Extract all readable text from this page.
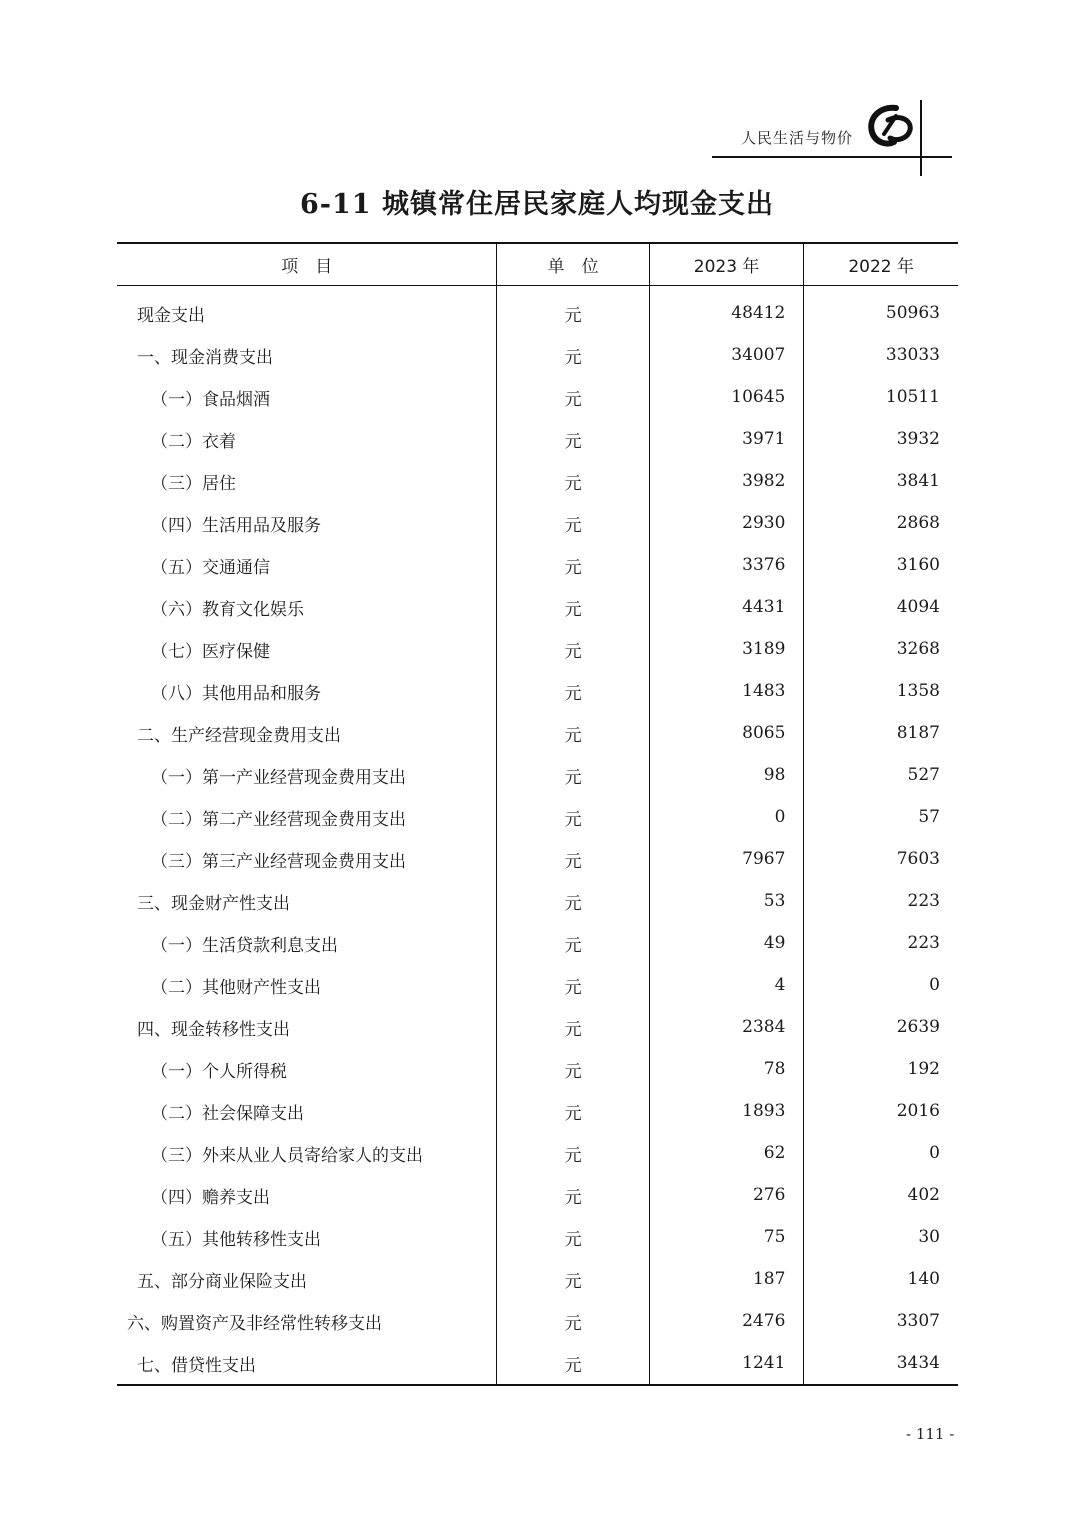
人民生活与物价
6-11 城镇常住居民家庭人均现金支出
项　目	单　位	2023 年	2022 年
现金支出	元	48412	50963
一、现金消费支出	元	34007	33033
（一）食品烟酒	元	10645	10511
（二）衣着	元	3971	3932
（三）居住	元	3982	3841
（四）生活用品及服务	元	2930	2868
（五）交通通信	元	3376	3160
（六）教育文化娱乐	元	4431	4094
（七）医疗保健	元	3189	3268
（八）其他用品和服务	元	1483	1358
二、生产经营现金费用支出	元	8065	8187
（一）第一产业经营现金费用支出	元	98	527
（二）第二产业经营现金费用支出	元	0	57
（三）第三产业经营现金费用支出	元	7967	7603
三、现金财产性支出	元	53	223
（一）生活贷款利息支出	元	49	223
（二）其他财产性支出	元	4	0
四、现金转移性支出	元	2384	2639
（一）个人所得税	元	78	192
（二）社会保障支出	元	1893	2016
（三）外来从业人员寄给家人的支出	元	62	0
（四）赡养支出	元	276	402
（五）其他转移性支出	元	75	30
五、部分商业保险支出	元	187	140
六、购置资产及非经常性转移支出	元	2476	3307
七、借贷性支出	元	1241	3434
- 111 -
